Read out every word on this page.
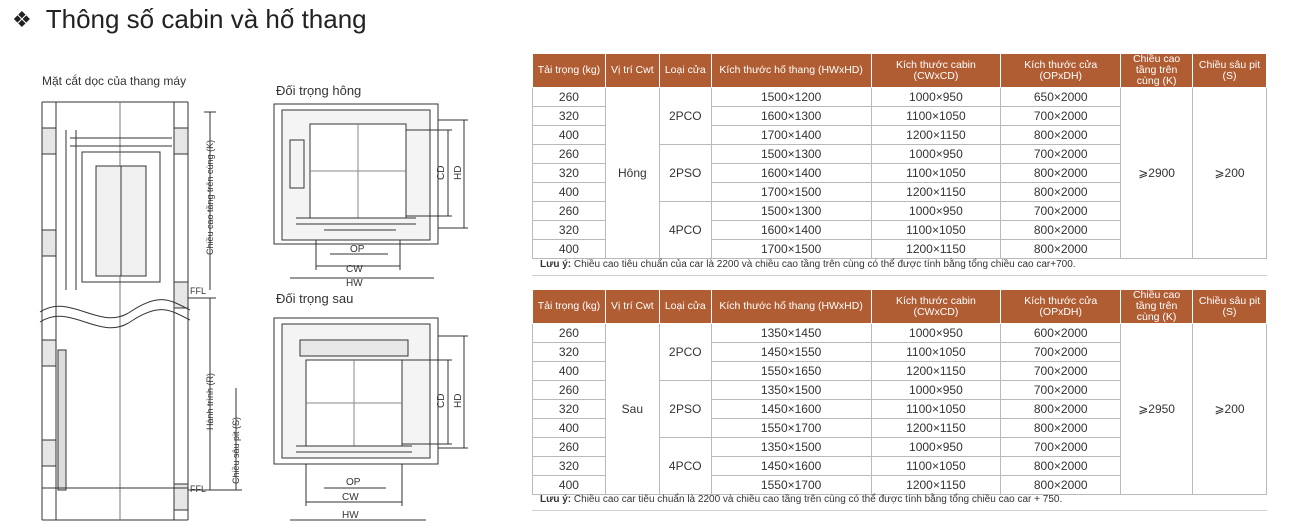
❖ Thông số cabin và hố thang
Mặt cắt dọc của thang máy
Đối trọng hông
Đối trọng sau
Chiều cao tầng trên cùng (K)
Hành trình (R)
Chiều sâu pit (S)
FFL
FFL
CD HD
OP
CW
HW
CD HD
OP
CW
HW
Tải trọng (kg)	Vị trí Cwt	Loại cửa	Kích thước hố thang (HWxHD)	Kích thước cabin (CWxCD)	Kích thước cửa (OPxDH)	Chiều cao tầng trên cùng (K)	Chiều sâu pit (S)
260	Hông	2PCO	1500×1200	1000×950	650×2000	⩾2900	⩾200
320			1600×1300	1100×1050	700×2000		
400			1700×1400	1200×1150	800×2000		
260		2PSO	1500×1300	1000×950	700×2000		
320			1600×1400	1100×1050	800×2000		
400			1700×1500	1200×1150	800×2000		
260		4PCO	1500×1300	1000×950	700×2000		
320			1600×1400	1100×1050	800×2000		
400			1700×1500	1200×1150	800×2000		
Lưu ý: Chiều cao tiêu chuẩn của car là 2200 và chiều cao tầng trên cùng có thể được tính bằng tổng chiều cao car+700.
Tải trọng (kg)	Vị trí Cwt	Loại cửa	Kích thước hố thang (HWxHD)	Kích thước cabin (CWxCD)	Kích thước cửa (OPxDH)	Chiều cao tầng trên cùng (K)	Chiều sâu pit (S)
260	Sau	2PCO	1350×1450	1000×950	600×2000	⩾2950	⩾200
320			1450×1550	1100×1050	700×2000		
400			1550×1650	1200×1150	700×2000		
260		2PSO	1350×1500	1000×950	700×2000		
320			1450×1600	1100×1050	800×2000		
400			1550×1700	1200×1150	800×2000		
260		4PCO	1350×1500	1000×950	700×2000		
320			1450×1600	1100×1050	800×2000		
400			1550×1700	1200×1150	800×2000		
Lưu ý: Chiều cao car tiêu chuẩn là 2200 và chiều cao tầng trên cùng có thể được tính bằng tổng chiều cao car + 750.
